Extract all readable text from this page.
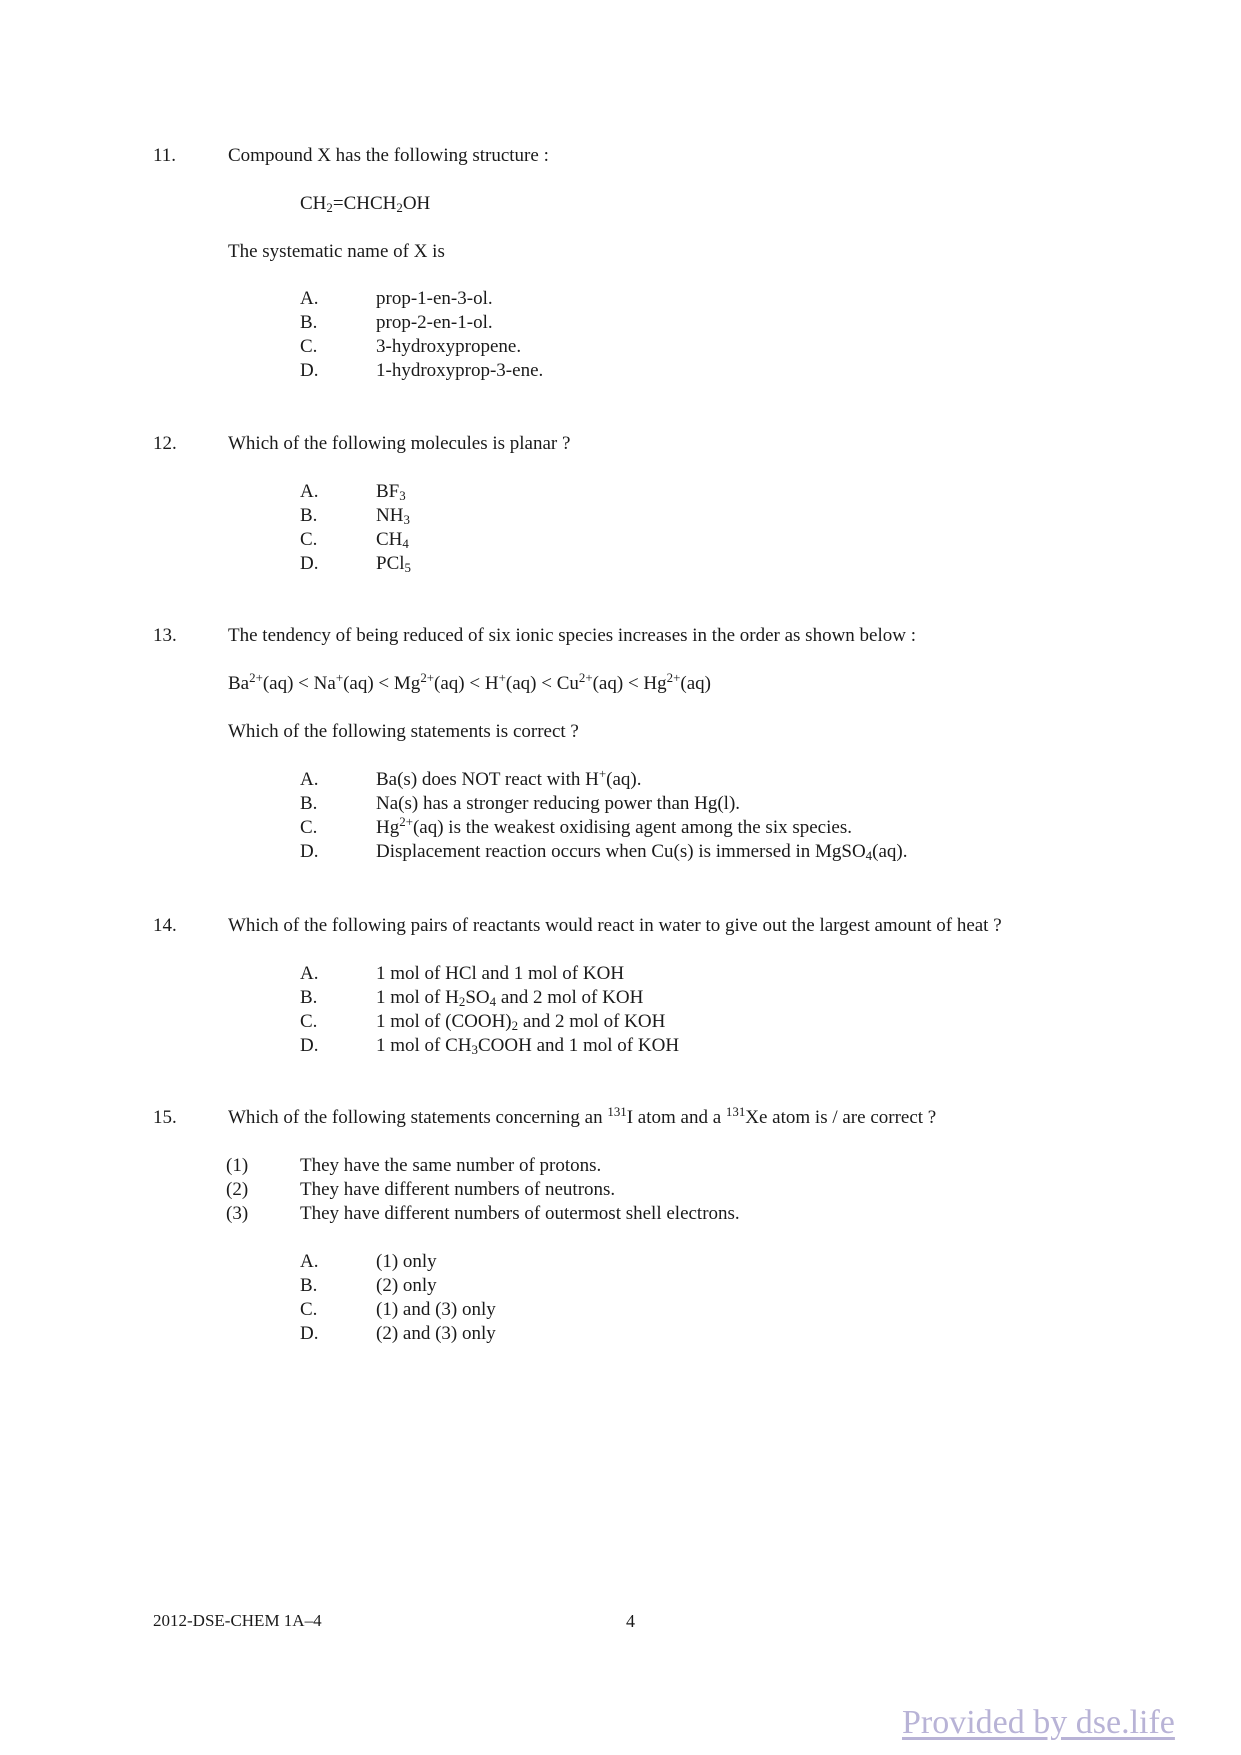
11.	Compound X has the following structure :
$CH_2=CHCH_2OH$
The systematic name of X is
A.	prop-1-en-3-ol.
B.	prop-2-en-1-ol.
C.	3-hydroxypropene.
D.	1-hydroxyprop-3-ene.
12.	Which of the following molecules is planar ?
A.	$BF_3$
B.	$NH_3$
C.	$CH_4$
D.	PCl$_5$
13.	The tendency of being reduced of six ionic species increases in the order as shown below :
$Ba^{2+}(aq) < Na^+(aq) < Mg^{2+}(aq) < H^+(aq) < Cu^{2+}(aq) < Hg^{2+}(aq)$
Which of the following statements is correct ?
A.	Ba(s) does NOT react with H+(aq).
B.	Na(s) has a stronger reducing power than Hg(l).
C.	$Hg^{2+}(aq)$ is the weakest oxidising agent among the six species.
D.	Displacement reaction occurs when Cu(s) is immersed in MgSO$_4$(aq).
14.	Which of the following pairs of reactants would react in water to give out the largest amount of heat ?
A.	1 mol of HCl and 1 mol of KOH
B.	1 mol of $H_2SO_4$ and 2 mol of KOH
C.	1 mol of $(COOH)_2$ and 2 mol of KOH
D.	1 mol of $CH_3COOH$ and 1 mol of KOH
15.	Which of the following statements concerning an $^{131}$I atom and a $^{131}$Xe atom is / are correct ?
(1)	They have the same number of protons.
(2)	They have different numbers of neutrons.
(3)	They have different numbers of outermost shell electrons.
A.	(1) only
B.	(2) only
C.	(1) and (3) only
D.	(2) and (3) only
2012-DSE-CHEM 1A–4	4
Provided by dse.life
